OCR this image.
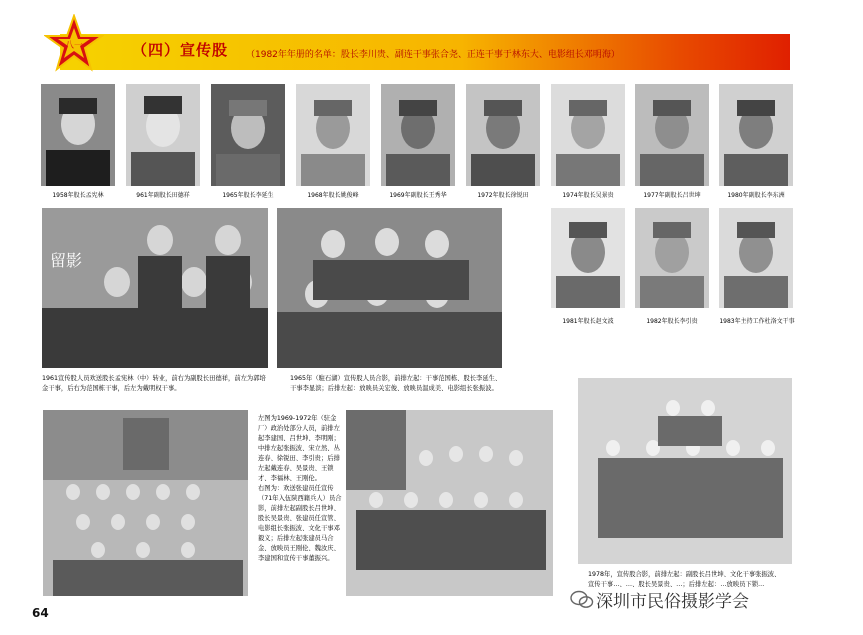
八一	（四）宣传股 （1982年年册的名单：股长李川贵、副连干事张合尧、正连干事于林东大、电影组长邓明海）
1958年股长孟宪林	961年副股长田德祥	1965年股长李延生	1968年股长姚俊峰	1969年副股长王秀华	1972年股长徐锐田	1974年股长吴景贵	1977年副股长吕世坤	1980年副股长李东洲
留影
1961宣传股人员欢送股长孟宪林（中）转业，前右为副股长田德祥，前左为郭培金干事，后右为范国栋干事，后左为戴明权干事。
1965年（駐石湖）宣传股人员合影，前排左起：干事范国栋、股长李延生、干事李显滨；后排左起：放映员关宏俊、放映员温成美、电影组长张振波。
1981年股长赵文波	1982年股长李引贵	1983年主持工作杜洛文干事
左图为1969-1972年（驻金厂）政治处部分人员，前排左起李建国、吕世坤、李明刚；中排左起张振波、宋立然、丛连春、徐锐田、李引贵；后排左起戴连春、吴景贵、王锁才、李福林、王刚伦。
右图为：欢送张建员任宣传（71年入伍陕西籍兵人）员合影，前排左起副股长吕世坤、股长吴景贵、张建员任宣管、电影组长张振波、文化干事邓毅义；后排左起张建员马合金、放映员王刚伦、魏汝庆、李建国和宣传干事董振兴。
1978年，宣传股合影，前排左起：副股长吕世坤、文化干事张振波、宣传干事…、…、股长吴景贵、…；后排左起：…放映员下锁…
64
深圳市民俗摄影学会
